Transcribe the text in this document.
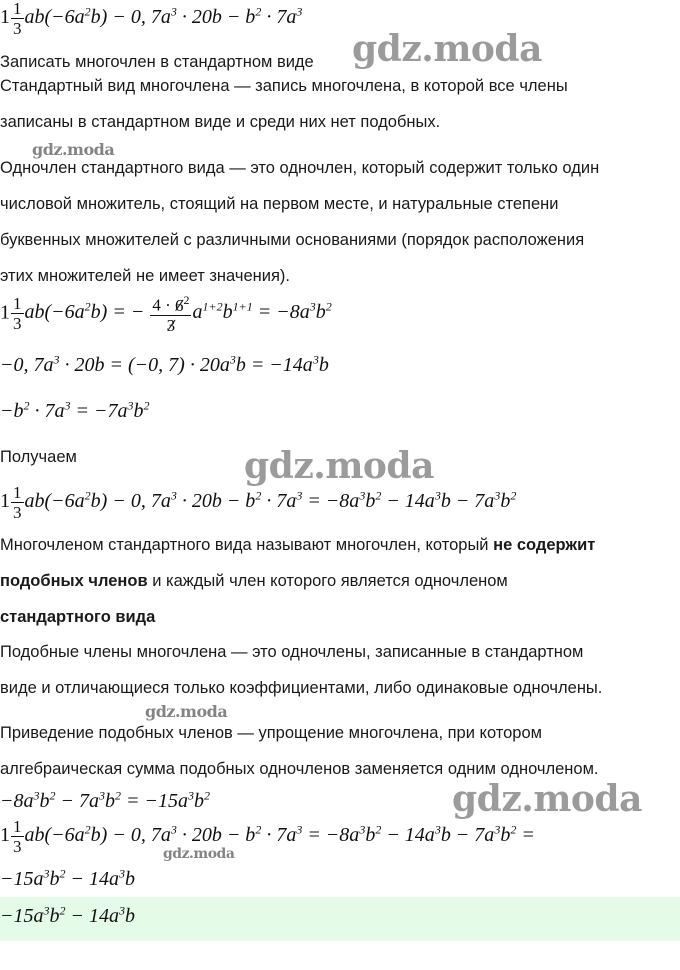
$1 \frac{1}{3} ab(-6a^2b) - 0$, $7a^3 \cdot 20b - b^2 \cdot 7a^3$
Записать многочлен в стандартном виде gdz.moda
Стандартный вид многочлена — запись многочлена, в которой все члены
записаны в стандартном виде и среди них нет подобных.
gdz.moda
Одночлен стандартного вида — это одночлен, который содержит только один
числовой множитель, стоящий на первом месте, и натуральные степени
буквенных множителей с различными основаниями (порядок расположения
этих множителей не имеет значения).
$1 \frac{1}{3} ab(-6a^2b)$ = − $\frac{4 \cdot 6^2}{3} a^{1+2}b^{1+1} = -8a^3b^2$
−0, $7a^3 \cdot 20b = (-0$, $7) \cdot 20a^3b = -14a^3b$
$-b^2 \cdot 7a^3 = -7a^3b^2$
Получаем	gdz.moda
$1 \frac{1}{3} ab(-6a^2b) - 0$, $7a^3 \cdot 20b - b^2 \cdot 7a^3 = -8a^3b^2 - 14a^3b - 7a^3b^2$
Многочленом стандартного вида называют многочлен, который не содержит
подобных членов и каждый член которого является одночленом
стандартного вида
Подобные члены многочлена — это одночлены, записанные в стандартном
виде и отличающиеся только коэффициентами, либо одинаковые одночлены.
gdz.moda
Приведение подобных членов — упрощение многочлена, при котором
алгебраическая сумма подобных одночленов заменяется одним одночленом.
$-8a^3b^2 - 7a^3b^2 = -15a^3b^2$	gdz.moda
$1 \frac{1}{3} ab(-6a^2b) - 0$, $7a^3 \cdot 20b - b^2 \cdot 7a^3 = -8a^3b^2 - 14a^3b - 7a^3b^2$ =
gdz.moda
$-15a^3b^2 - 14a^3b$
$-15a^3b^2 - 14a^3b$
